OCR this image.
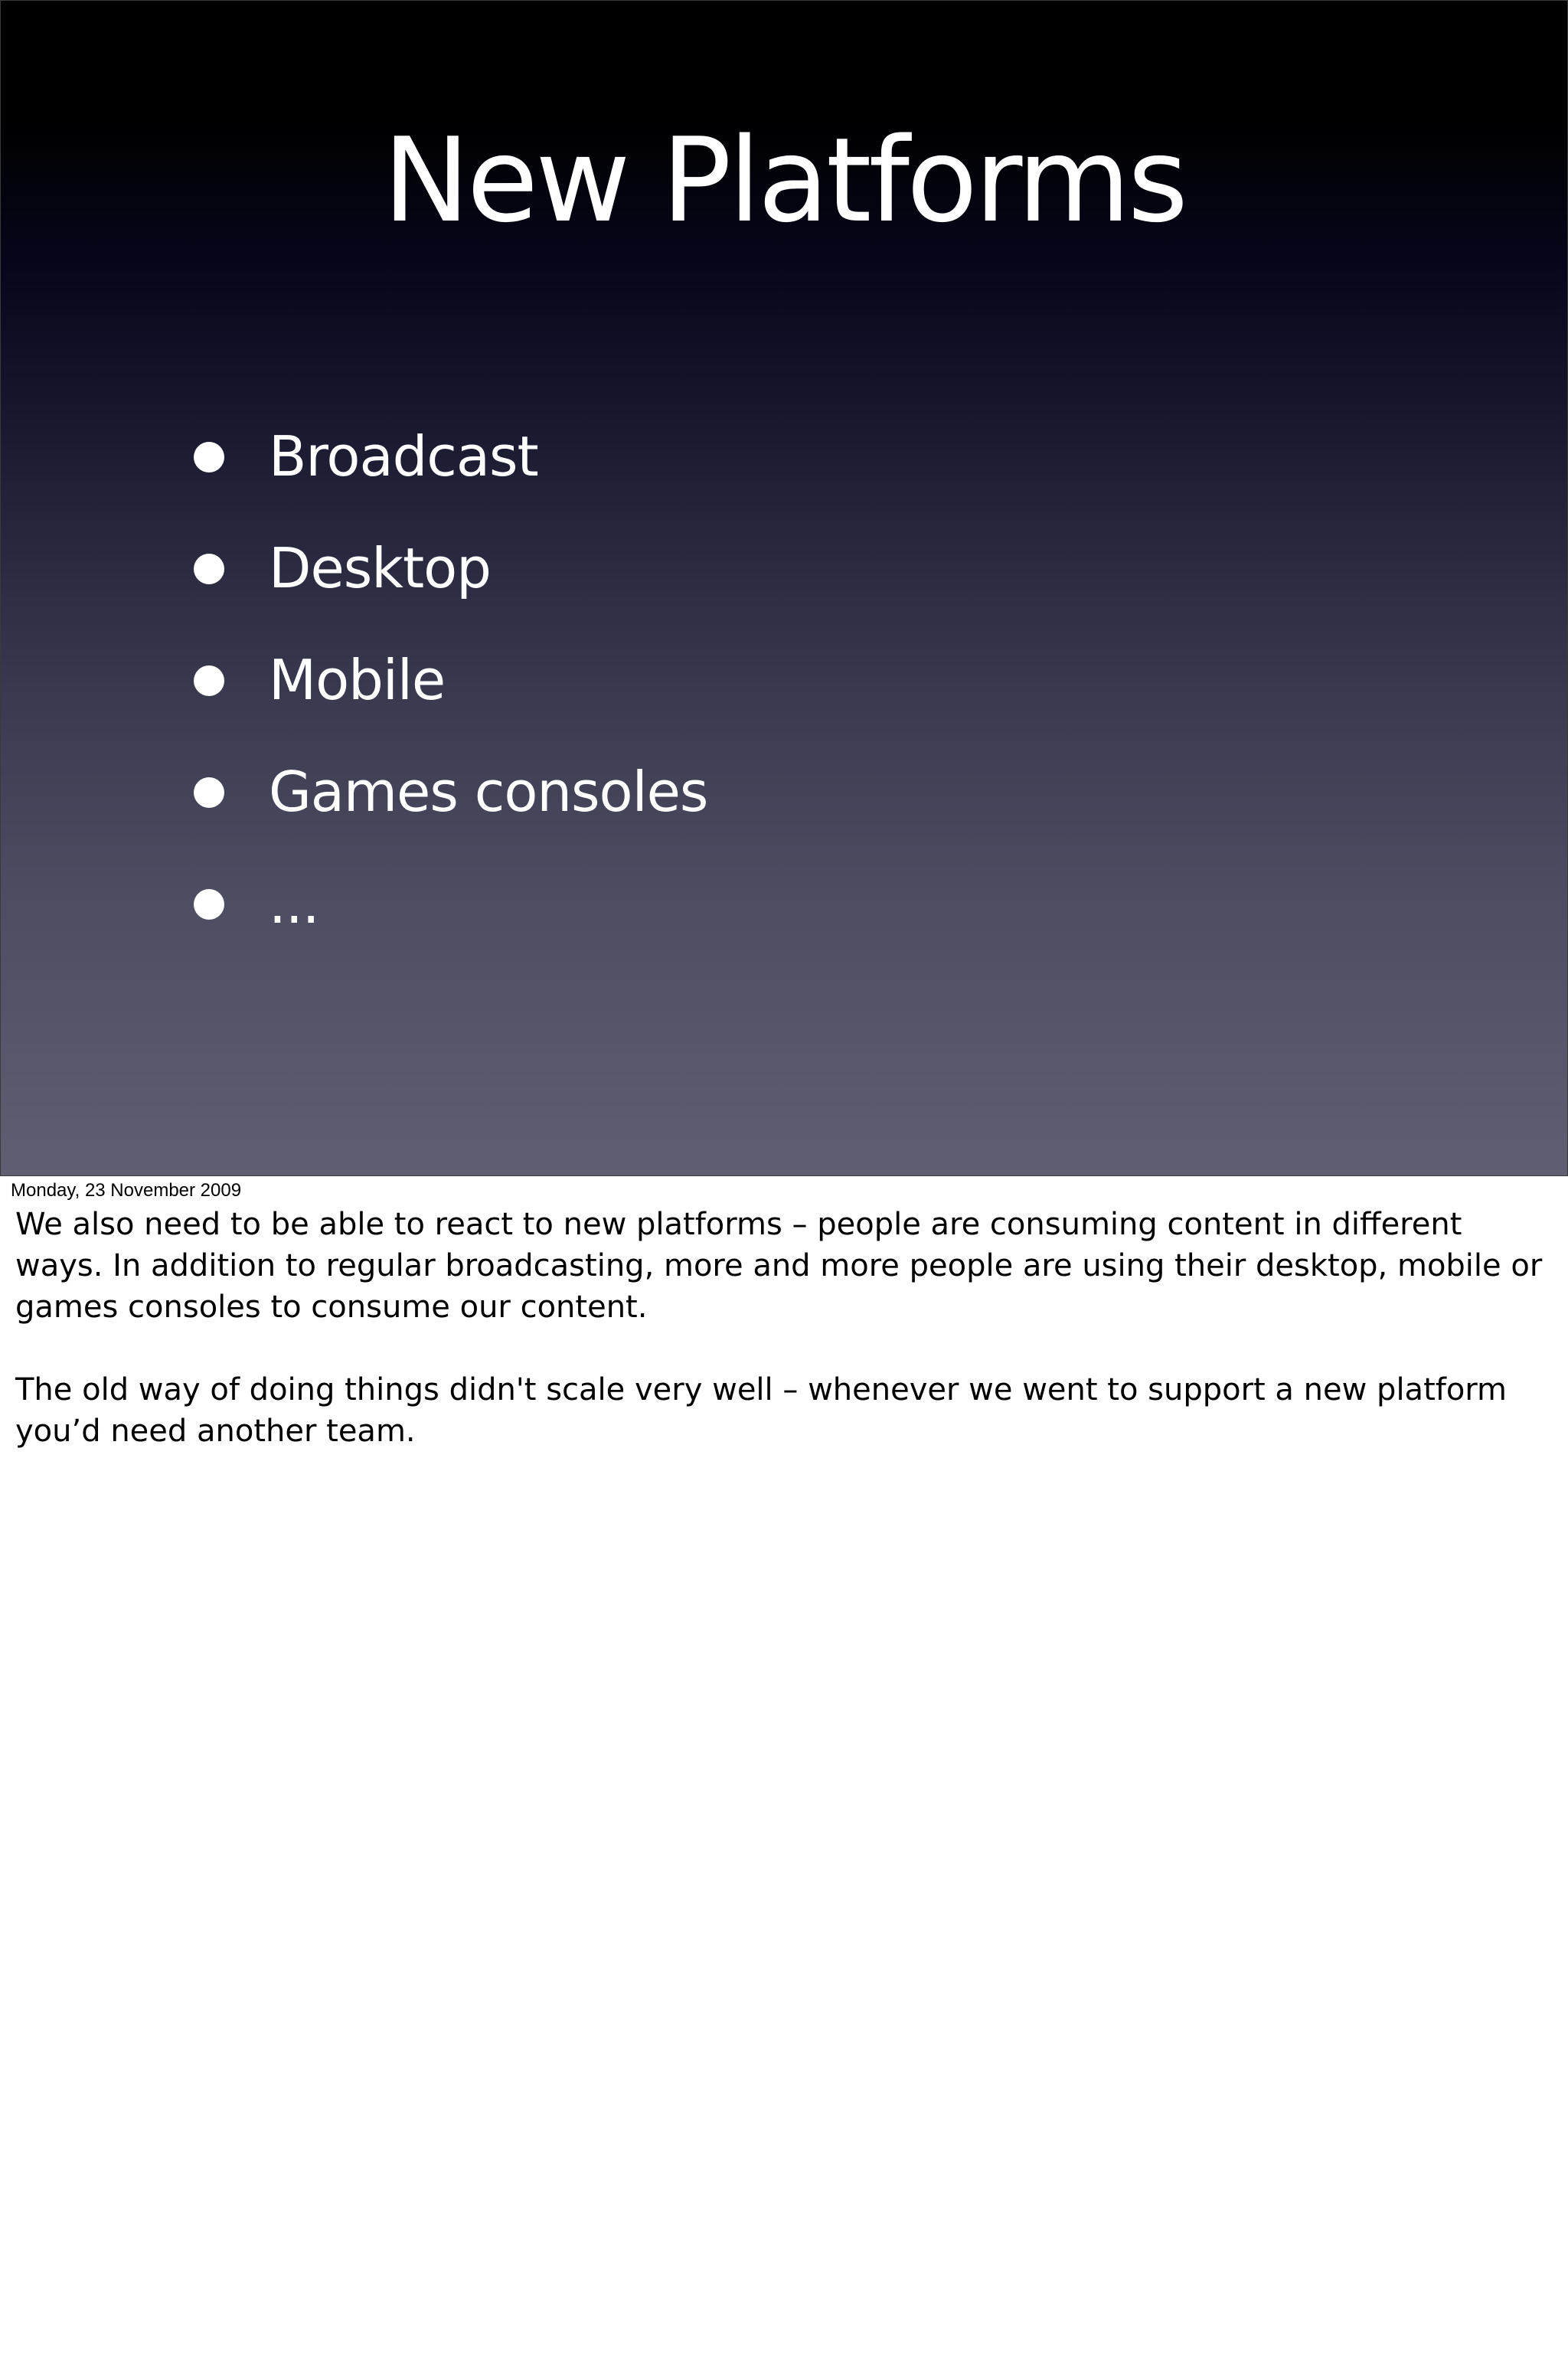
New Platforms
Broadcast
Desktop
Mobile
Games consoles
...
Monday, 23 November 2009

We also need to be able to react to new platforms – people are consuming content in different ways. In addition to regular broadcasting, more and more people are using their desktop, mobile or games consoles to consume our content.

The old way of doing things didn't scale very well – whenever we went to support a new platform you’d need another team.
